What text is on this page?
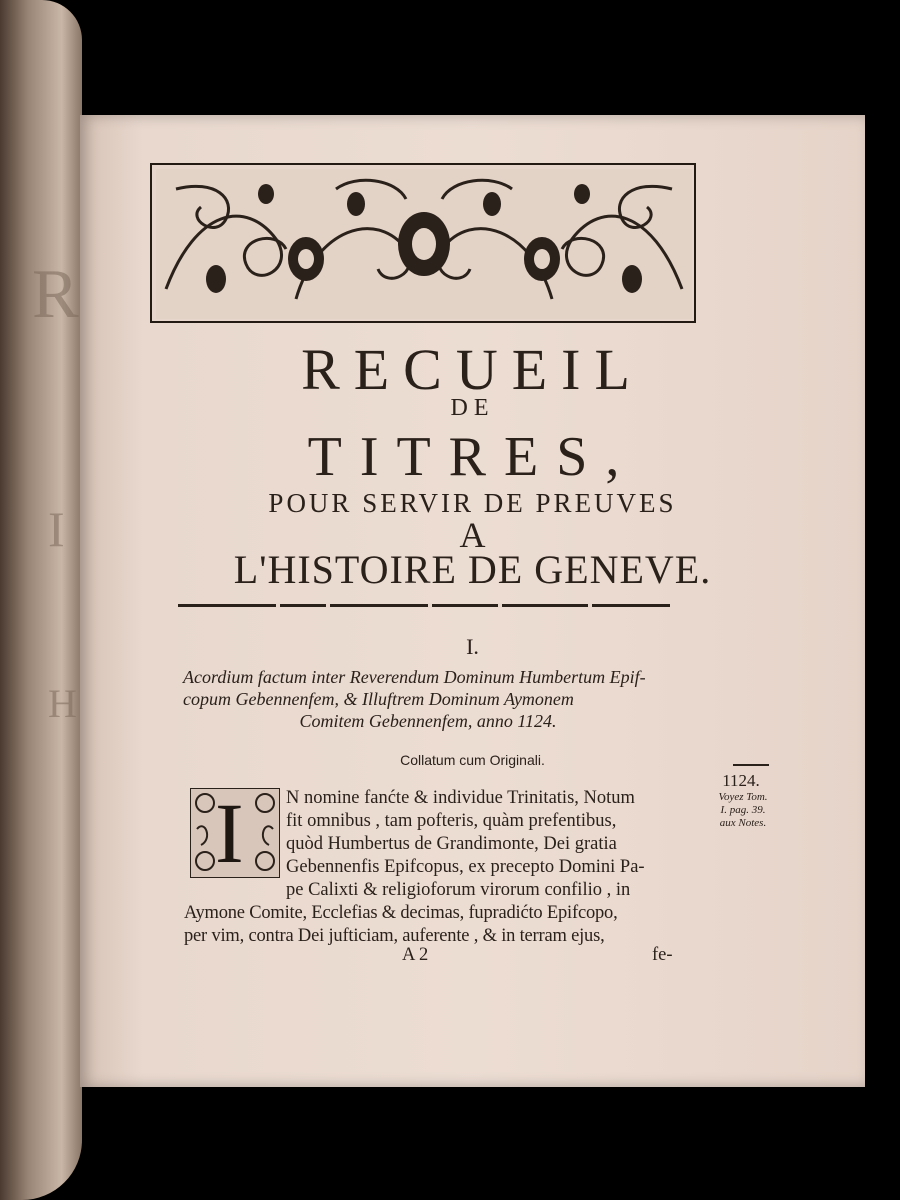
R
I
H
RECUEIL
DE
TITRES,
POUR SERVIR DE PREUVES
A
L'HISTOIRE DE GENEVE.
I.
Acordium factum inter Reverendum Dominum Humbertum Epif-
copum Gebennenfem, & Illuftrem Dominum Aymonem

Comitem Gebennenfem, anno 1124.
Collatum cum Originali.
I N nomine fanćte & individue Trinitatis, Notum
fit omnibus , tam pofteris, quàm prefentibus,
quòd Humbertus de Grandimonte, Dei gratia
Gebennenfis Epifcopus, ex precepto Domini Pa-
pe Calixti & religioforum virorum confilio , in
Aymone Comite, Ecclefias & decimas, fupradićto Epifcopo,
per vim, contra Dei jufticiam, auferente , & in terram ejus,
A 2	fe-
1124.
Voyez Tom.
I. pag. 39.
aux Notes.
